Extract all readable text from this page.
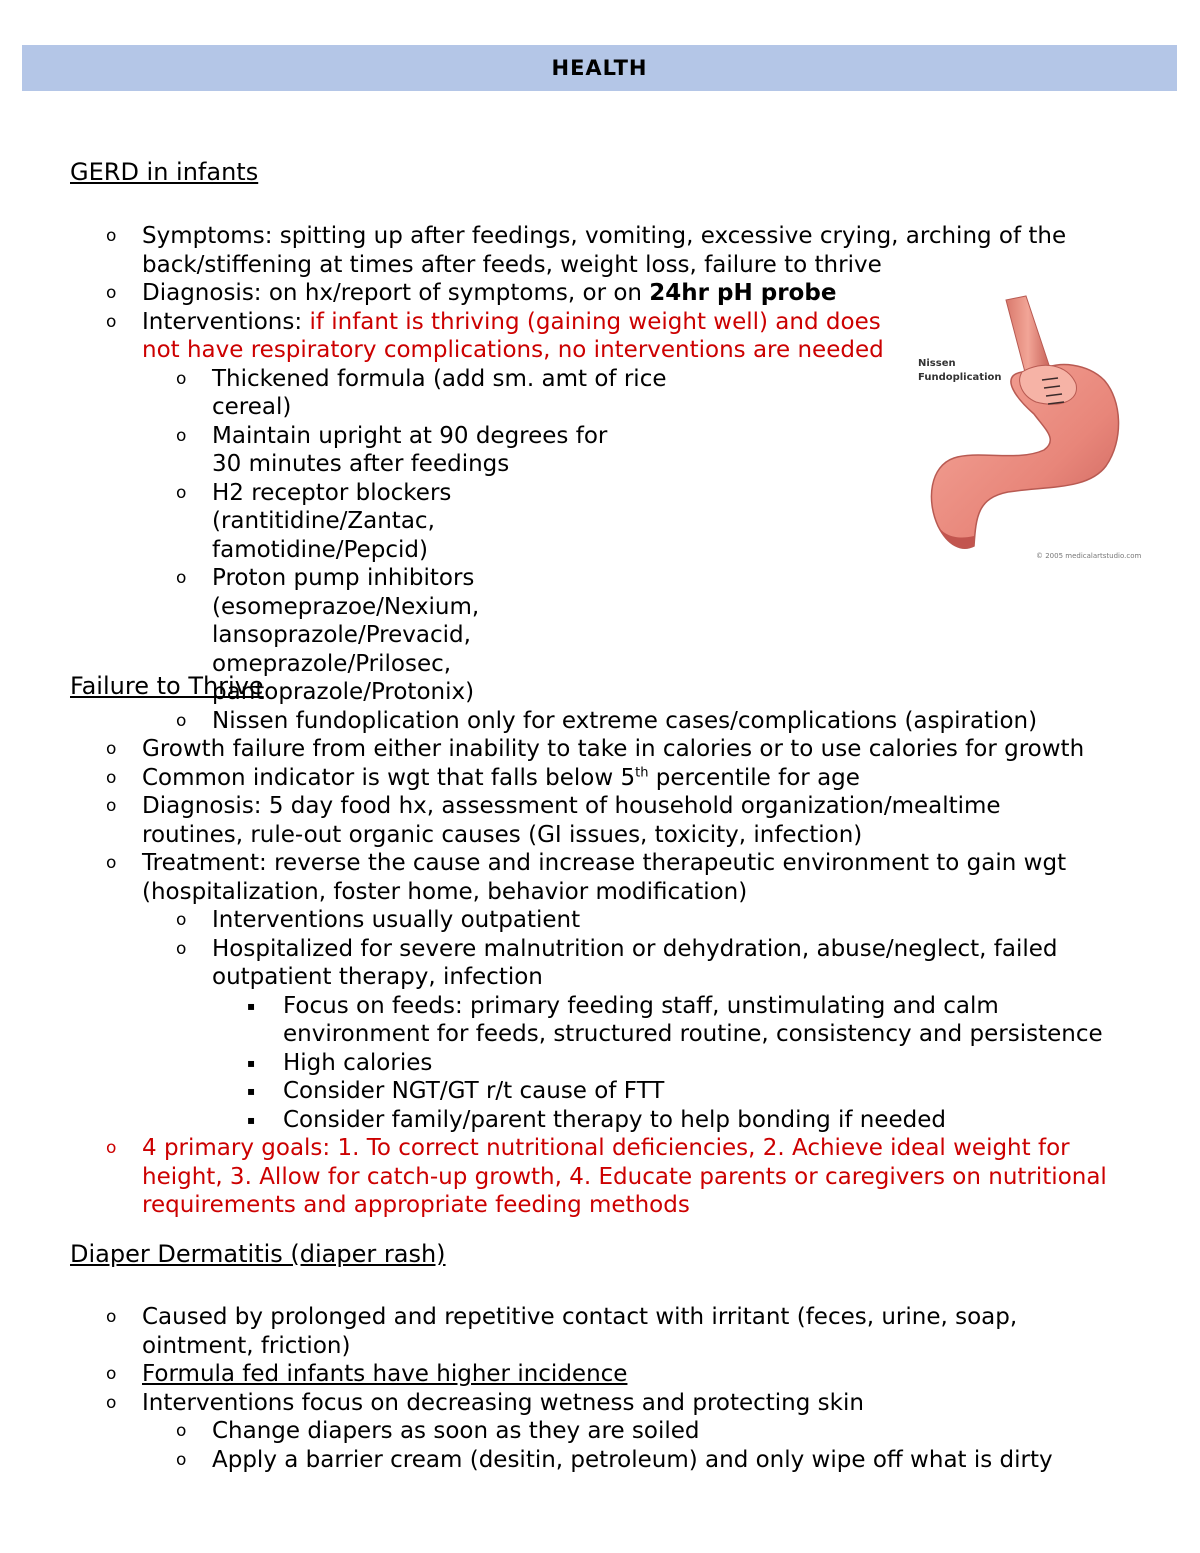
HEALTH
GERD in infants
o Symptoms: spitting up after feedings, vomiting, excessive crying, arching of the back/stiffening at times after feeds, weight loss, failure to thrive
o Diagnosis: on hx/report of symptoms, or on 24hr pH probe
o Interventions: if infant is thriving (gaining weight well) and does not have respiratory complications, no interventions are needed
o Thickened formula (add sm. amt of rice cereal)
o Maintain upright at 90 degrees for 30 minutes after feedings
o H2 receptor blockers (rantitidine/Zantac, famotidine/Pepcid)
o Proton pump inhibitors (esomeprazoe/Nexium, lansoprazole/Prevacid, omeprazole/Prilosec, pantoprazole/Protonix)
o Nissen fundoplication only for extreme cases/complications (aspiration)
Nissen
Fundoplication
© 2005 medicalartstudio.com
Failure to Thrive
o Growth failure from either inability to take in calories or to use calories for growth
o Common indicator is wgt that falls below 5th percentile for age
o Diagnosis: 5 day food hx, assessment of household organization/mealtime routines, rule-out organic causes (GI issues, toxicity, infection)
o Treatment: reverse the cause and increase therapeutic environment to gain wgt (hospitalization, foster home, behavior modification)
o Interventions usually outpatient
o Hospitalized for severe malnutrition or dehydration, abuse/neglect, failed outpatient therapy, infection
▪ Focus on feeds: primary feeding staff, unstimulating and calm environment for feeds, structured routine, consistency and persistence
▪ High calories
▪ Consider NGT/GT r/t cause of FTT
▪ Consider family/parent therapy to help bonding if needed
o 4 primary goals: 1. To correct nutritional deficiencies, 2. Achieve ideal weight for height, 3. Allow for catch-up growth, 4. Educate parents or caregivers on nutritional requirements and appropriate feeding methods
Diaper Dermatitis (diaper rash)
o Caused by prolonged and repetitive contact with irritant (feces, urine, soap, ointment, friction)
o Formula fed infants have higher incidence
o Interventions focus on decreasing wetness and protecting skin
o Change diapers as soon as they are soiled
o Apply a barrier cream (desitin, petroleum) and only wipe off what is dirty
